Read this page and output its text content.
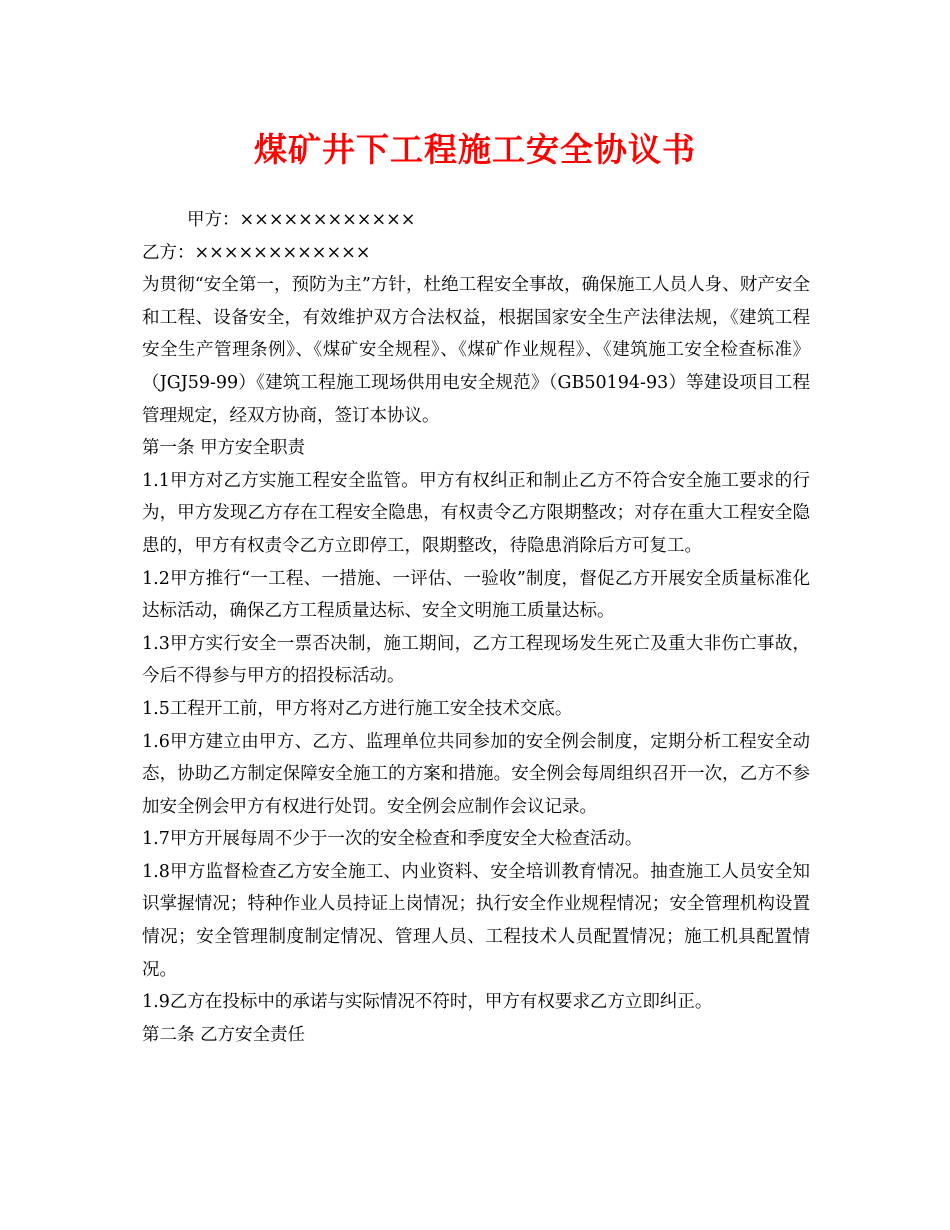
煤矿井下工程施工安全协议书

甲方：××××××××××××

乙方：××××××××××××

为贯彻“安全第一，预防为主”方针，杜绝工程安全事故，确保施工人员人身、财产安全和工程、设备安全，有效维护双方合法权益，根据国家安全生产法律法规，《建筑工程安全生产管理条例》、《煤矿安全规程》、《煤矿作业规程》、《建筑施工安全检查标准》（JGJ59-99）《建筑工程施工现场供用电安全规范》（GB50194-93）等建设项目工程管理规定，经双方协商，签订本协议。

第一条 甲方安全职责

1.1甲方对乙方实施工程安全监管。甲方有权纠正和制止乙方不符合安全施工要求的行为，甲方发现乙方存在工程安全隐患，有权责令乙方限期整改；对存在重大工程安全隐患的，甲方有权责令乙方立即停工，限期整改，待隐患消除后方可复工。

1.2甲方推行“一工程、一措施、一评估、一验收”制度，督促乙方开展安全质量标准化达标活动，确保乙方工程质量达标、安全文明施工质量达标。

1.3甲方实行安全一票否决制，施工期间，乙方工程现场发生死亡及重大非伤亡事故，今后不得参与甲方的招投标活动。

1.5工程开工前，甲方将对乙方进行施工安全技术交底。

1.6甲方建立由甲方、乙方、监理单位共同参加的安全例会制度，定期分析工程安全动态，协助乙方制定保障安全施工的方案和措施。安全例会每周组织召开一次，乙方不参加安全例会甲方有权进行处罚。安全例会应制作会议记录。

1.7甲方开展每周不少于一次的安全检查和季度安全大检查活动。

1.8甲方监督检查乙方安全施工、内业资料、安全培训教育情况。抽查施工人员安全知识掌握情况；特种作业人员持证上岗情况；执行安全作业规程情况；安全管理机构设置情况；安全管理制度制定情况、管理人员、工程技术人员配置情况；施工机具配置情况。

1.9乙方在投标中的承诺与实际情况不符时，甲方有权要求乙方立即纠正。

第二条 乙方安全责任
